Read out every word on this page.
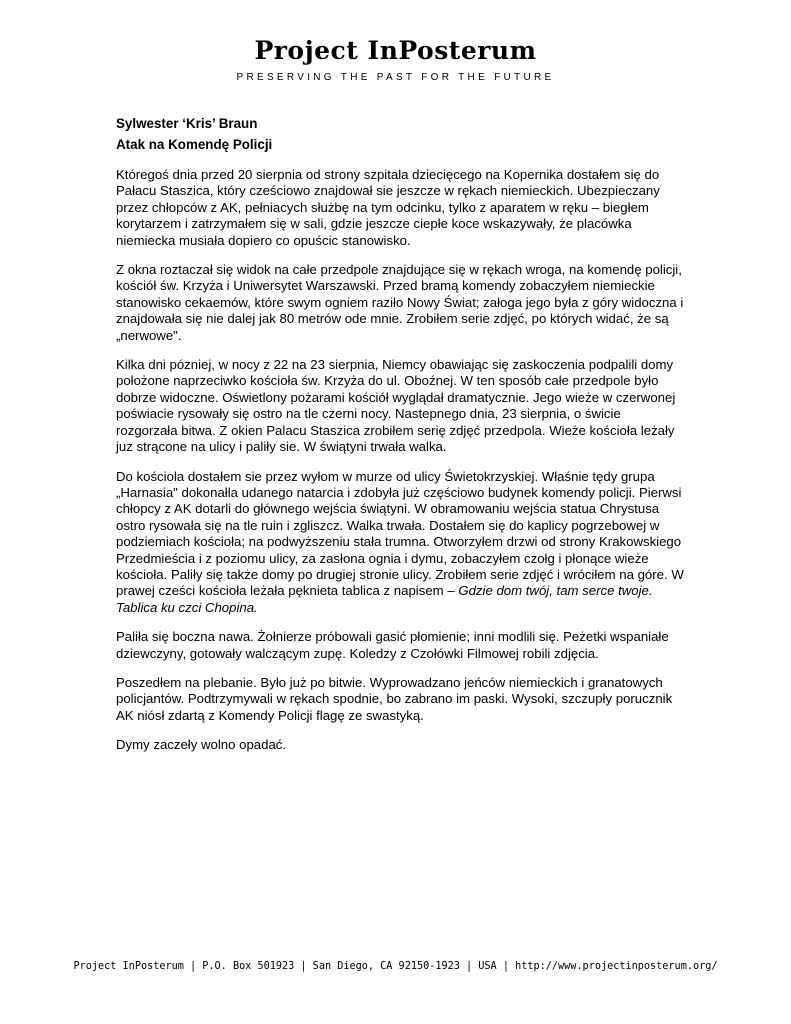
Project InPosterum
PRESERVING THE PAST FOR THE FUTURE
Sylwester ‘Kris’ Braun
Atak na Komendę Policji

Któregoś dnia przed 20 sierpnia od strony szpitala dziecięcego na Kopernika dostałem się do Pałacu Staszica, który cześciowo znajdował sie jeszcze w rękach niemieckich. Ubezpieczany przez chłopców z AK, pełniacych służbę na tym odcinku, tylko z aparatem w ręku – biegłem korytarzem i zatrzymałem się w sali, gdzie jeszcze ciepłe koce wskazywały, że placówka niemiecka musiała dopiero co opuścic stanowisko.

Z okna roztaczał się widok na całe przedpole znajdujące się w rękach wroga, na komendę policji, kościół św. Krzyża i Uniwersytet Warszawski. Przed bramą komendy zobaczyłem niemieckie stanowisko cekaemów, które swym ogniem raziło Nowy Świat; załoga jego była z góry widoczna i znajdowała się nie dalej jak 80 metrów ode mnie. Zrobiłem serie zdjęć, po których widać, że są „nerwowe".

Kilka dni pózniej, w nocy z 22 na 23 sierpnia, Niemcy obawiając się zaskoczenia podpalili domy położone naprzeciwko kościoła św. Krzyża do ul. Oboźnej. W ten sposób całe przedpole było dobrze widoczne. Oświetlony pożarami kościół wyglądał dramatycznie. Jego wieże w czerwonej poświacie rysowały się ostro na tle czerni nocy. Nastepnego dnia, 23 sierpnia, o świcie rozgorzała bitwa. Z okien Palacu Staszica zrobiłem serię zdjęć przedpola. Wieże kościoła leżały juz strącone na ulicy i paliły sie. W świątyni trwała walka.

Do kościola dostałem sie przez wyłom w murze od ulicy Świetokrzyskiej. Właśnie tędy grupa „Harnasia" dokonałla udanego natarcia i zdobyła już częściowo budynek komendy policji. Pierwsi chłopcy z AK dotarli do głównego wejścia świątyni. W obramowaniu wejścia statua Chrystusa ostro rysowała się na tle ruin i zgliszcz. Walka trwała. Dostałem się do kaplicy pogrzebowej w podziemiach kościoła; na podwyższeniu stała trumna. Otworzyłem drzwi od strony Krakowskiego Przedmieścia i z poziomu ulicy, za zasłona ognia i dymu, zobaczyłem czołg i płonące wieże kościoła. Paliły się także domy po drugiej stronie ulicy. Zrobiłem serie zdjęć i wróciłem na góre. W prawej cześci kościoła leżała pęknieta tablica z napisem – Gdzie dom twój, tam serce twoje. Tablica ku czci Chopina.

Paliła się boczna nawa. Żołnierze próbowali gasić płomienie; inni modlili się. Peżetki wspaniałe dziewczyny, gotowały walczącym zupę. Koledzy z Czołówki Filmowej robili zdjęcia.

Poszedłem na plebanie. Było już po bitwie. Wyprowadzano jeńców niemieckich i granatowych policjantów. Podtrzymywali w rękach spodnie, bo zabrano im paski. Wysoki, szczupły porucznik AK niósł zdartą z Komendy Policji flagę ze swastyką.

Dymy zaczeły wolno opadać.

Project InPosterum | P.O. Box 501923 | San Diego, CA 92150-1923 | USA | http://www.projectinposterum.org/
